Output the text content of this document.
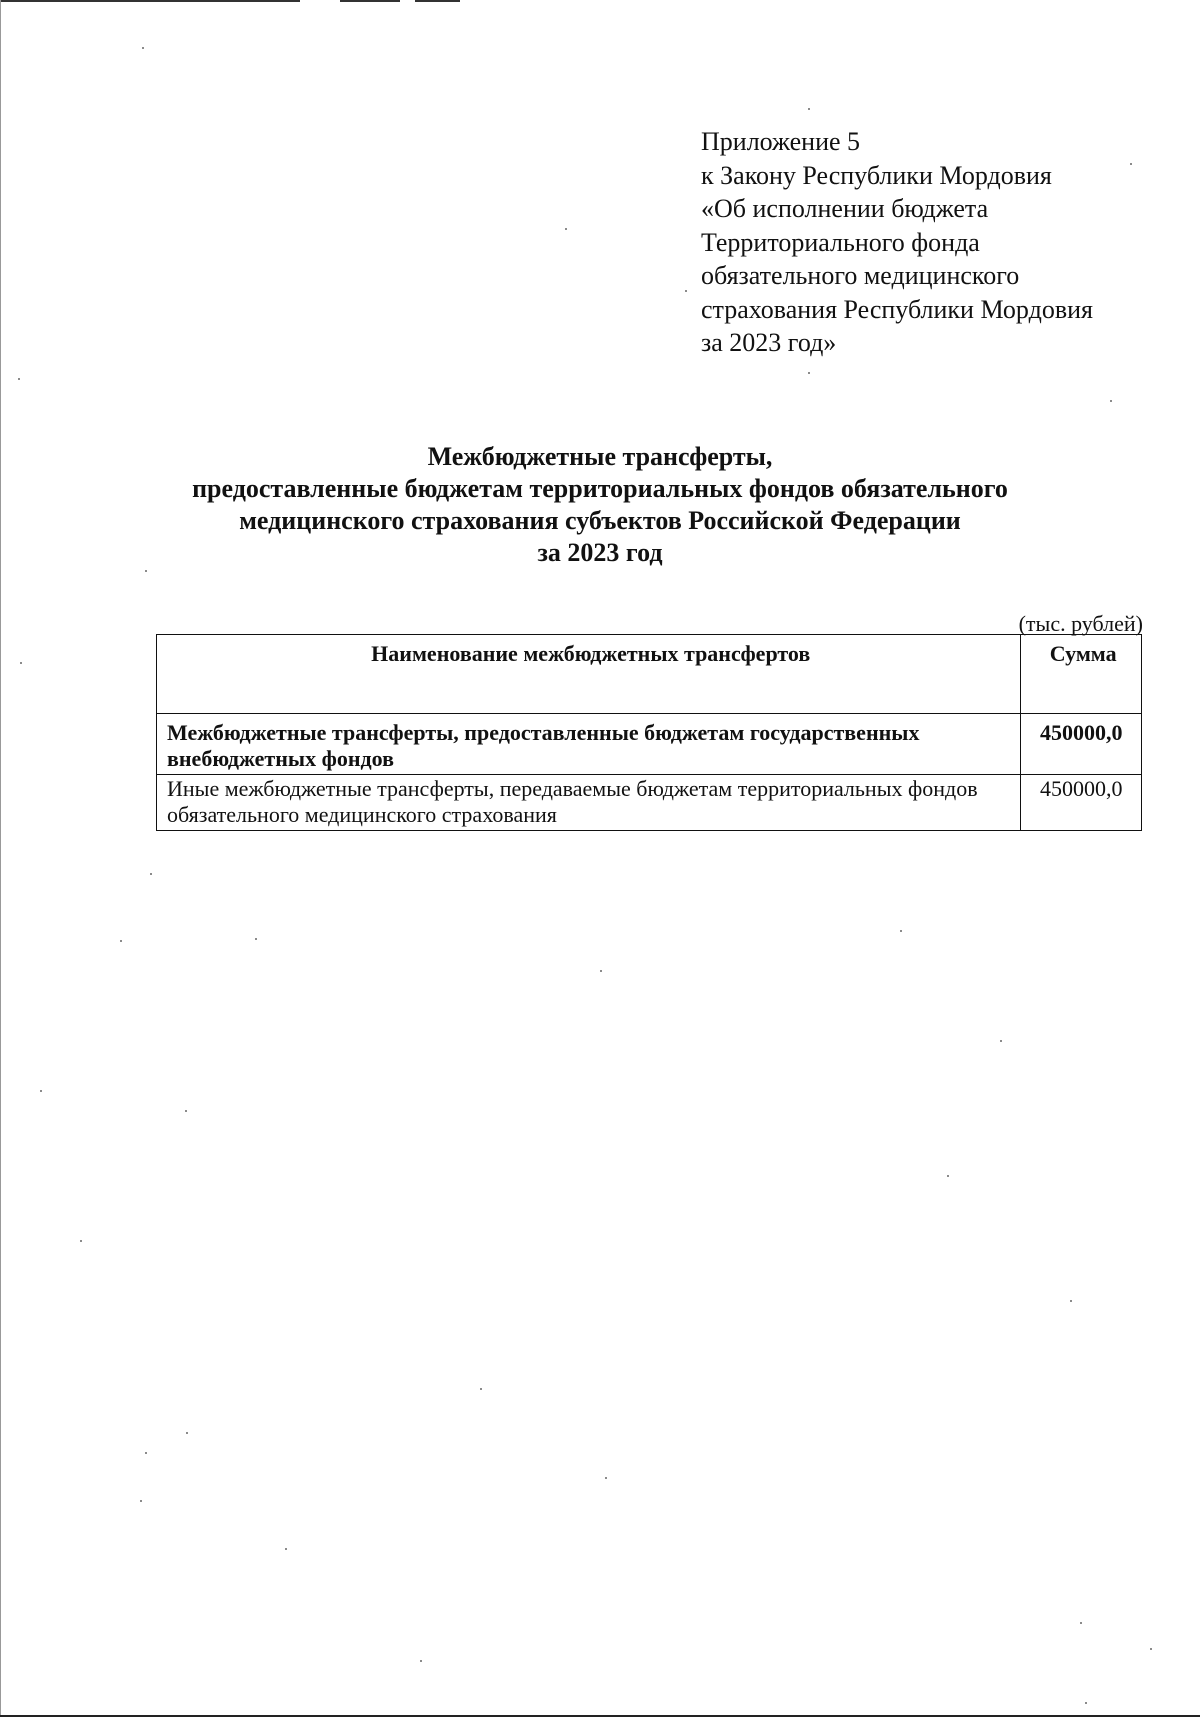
Приложение 5
к Закону Республики Мордовия
«Об исполнении бюджета
Территориального фонда
обязательного медицинского
страхования Республики Мордовия
за 2023 год»
Межбюджетные трансферты,
предоставленные бюджетам территориальных фондов обязательного
медицинского страхования субъектов Российской Федерации
за 2023 год
(тыс. рублей)
Наименование межбюджетных трансфертов	Сумма
Межбюджетные трансферты, предоставленные бюджетам государственных внебюджетных фондов	450000,0
Иные межбюджетные трансферты, передаваемые бюджетам территориальных фондов обязательного медицинского страхования	450000,0
